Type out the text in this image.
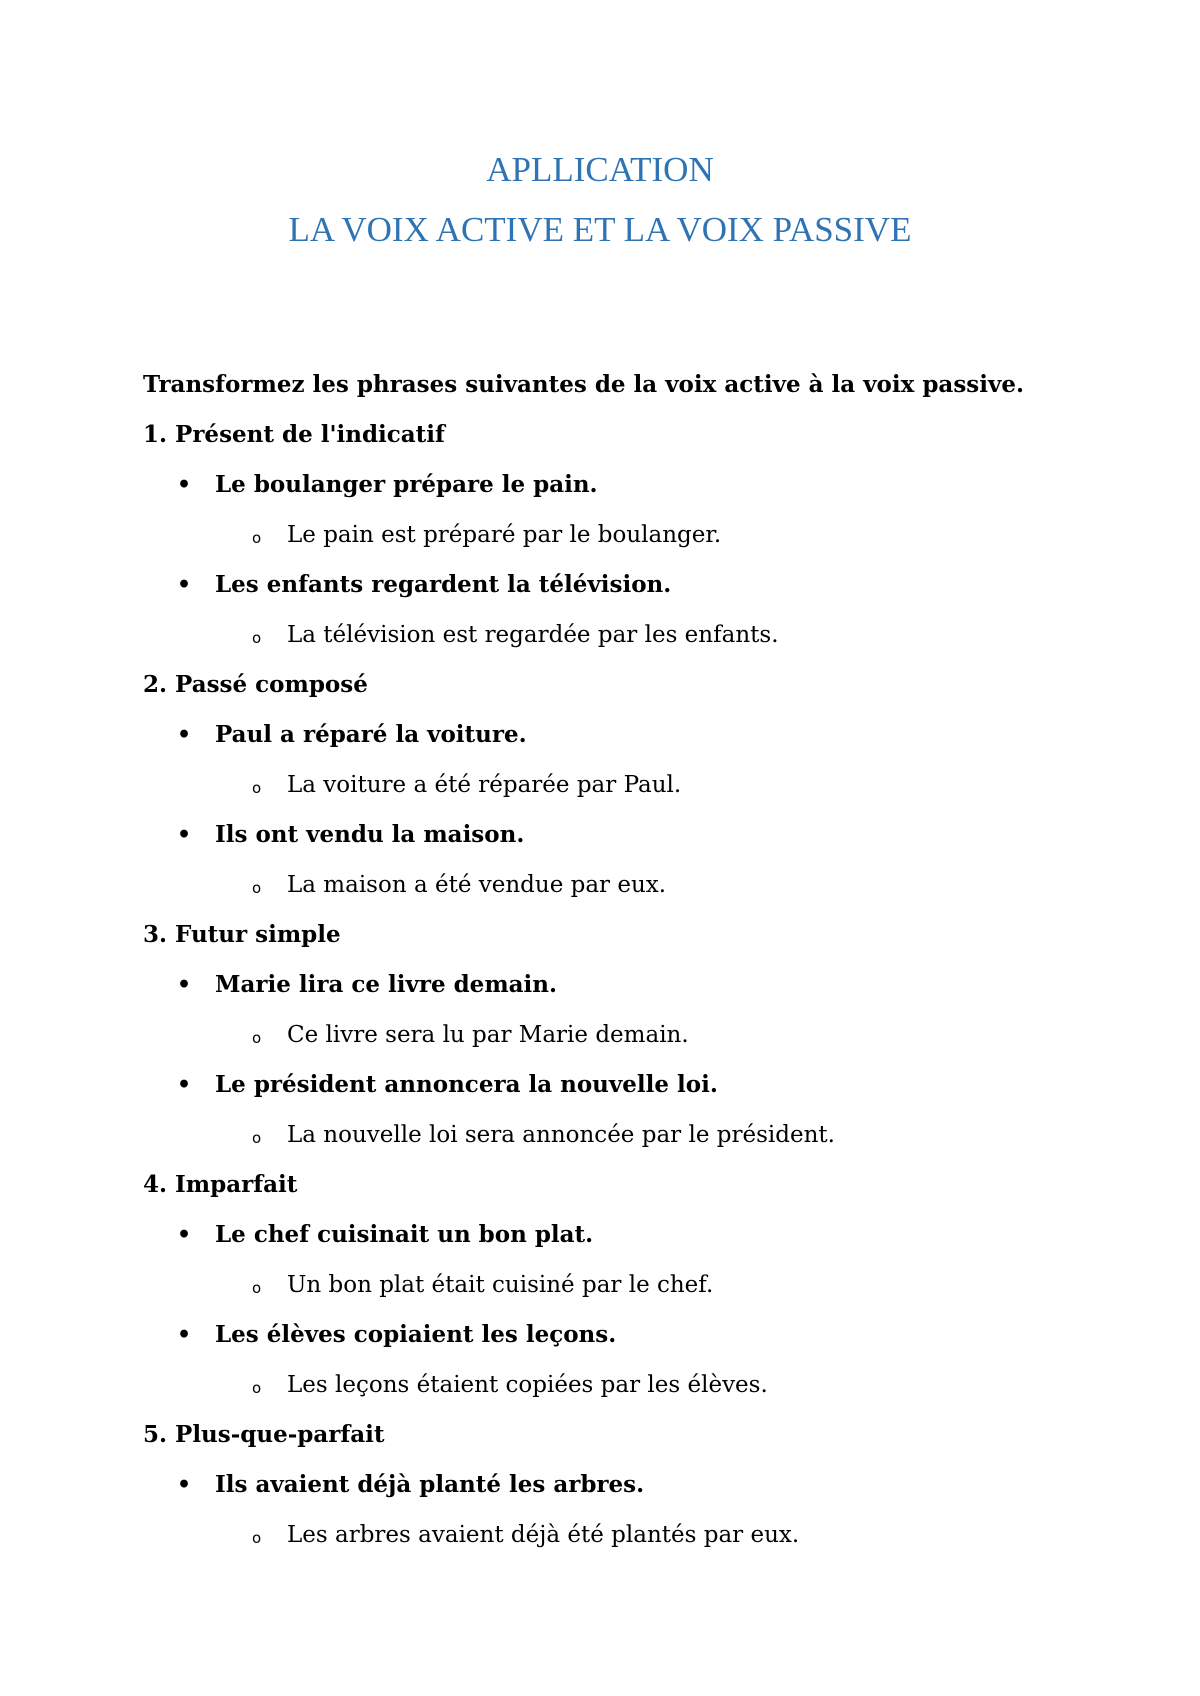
APLLICATION
LA VOIX ACTIVE ET LA VOIX PASSIVE
Transformez les phrases suivantes de la voix active à la voix passive.
1. Présent de l'indicatif
• Le boulanger prépare le pain.
o Le pain est préparé par le boulanger.
• Les enfants regardent la télévision.
o La télévision est regardée par les enfants.
2. Passé composé
• Paul a réparé la voiture.
o La voiture a été réparée par Paul.
• Ils ont vendu la maison.
o La maison a été vendue par eux.
3. Futur simple
• Marie lira ce livre demain.
o Ce livre sera lu par Marie demain.
• Le président annoncera la nouvelle loi.
o La nouvelle loi sera annoncée par le président.
4. Imparfait
• Le chef cuisinait un bon plat.
o Un bon plat était cuisiné par le chef.
• Les élèves copiaient les leçons.
o Les leçons étaient copiées par les élèves.
5. Plus-que-parfait
• Ils avaient déjà planté les arbres.
o Les arbres avaient déjà été plantés par eux.
